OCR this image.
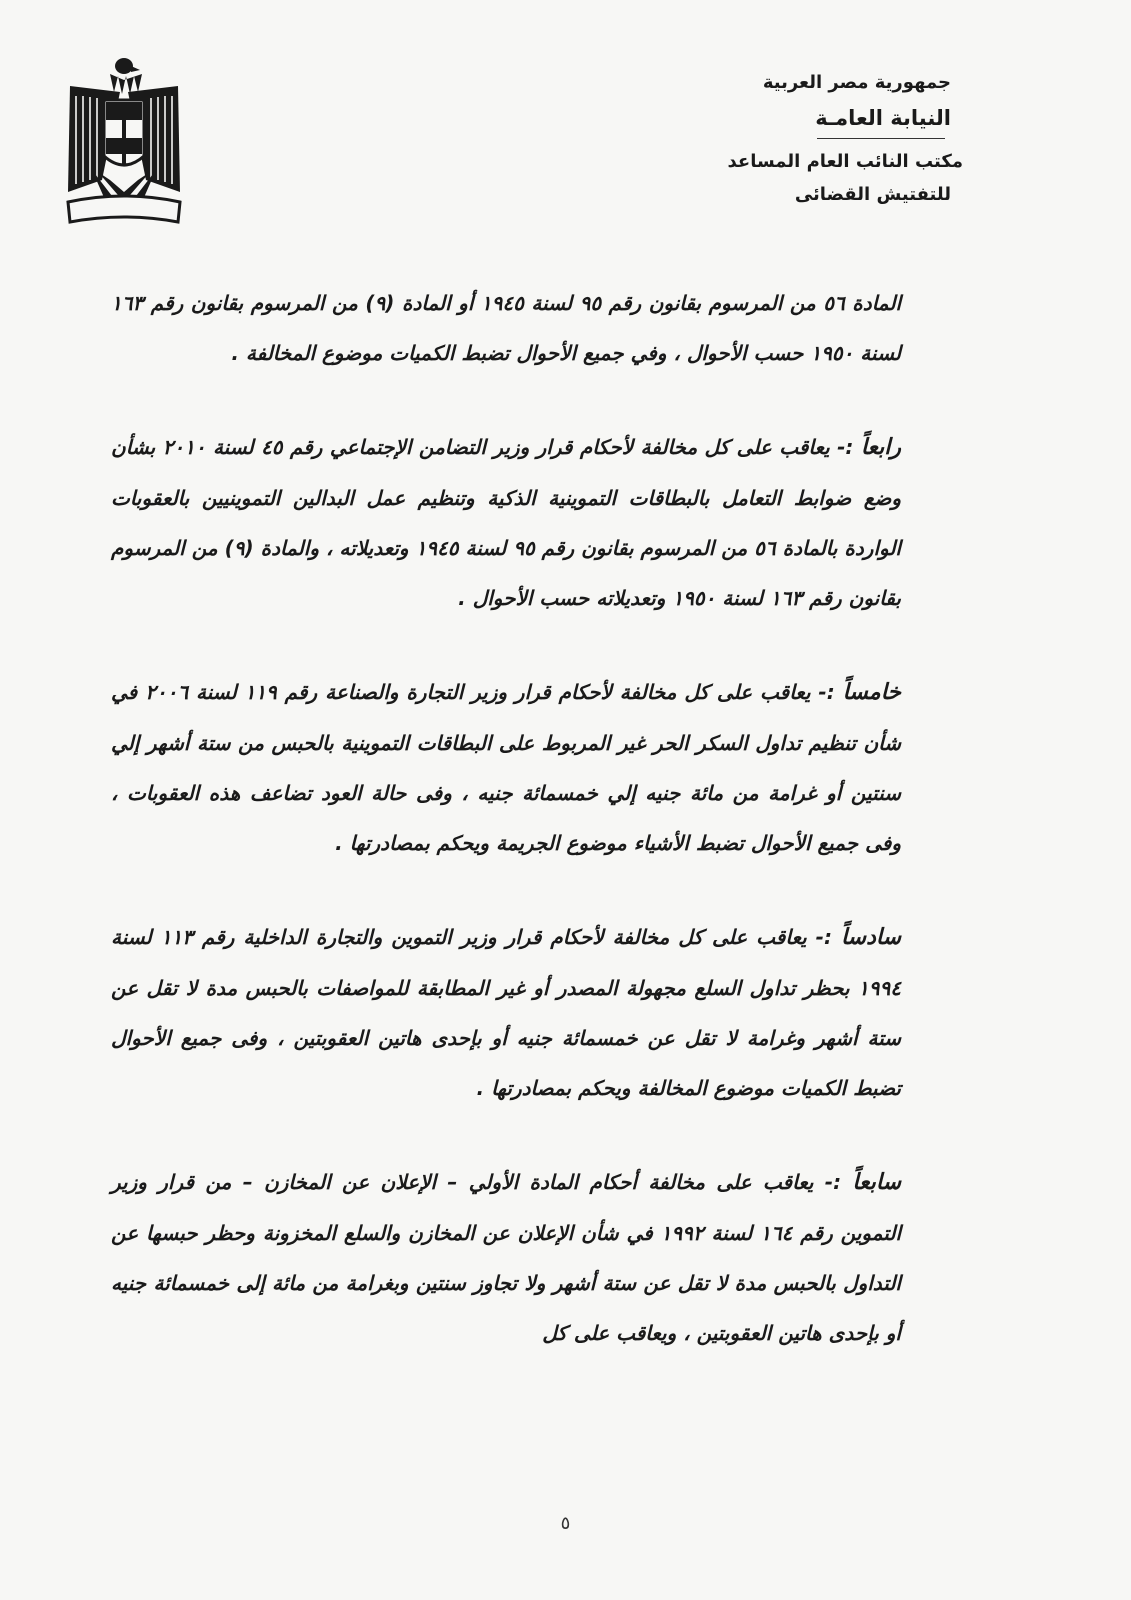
جمهورية مصر العربية
النيابة العامـة
مكتب النائب العام المساعد
للتفتيش القضائى

المادة ٥٦ من المرسوم بقانون رقم ٩٥ لسنة ١٩٤٥ أو المادة (٩) من المرسوم بقانون رقم ١٦٣ لسنة ١٩٥٠ حسب الأحوال ، وفي جميع الأحوال تضبط الكميات موضوع المخالفة .

رابعاً :- يعاقب على كل مخالفة لأحكام قرار وزير التضامن الإجتماعي رقم ٤٥ لسنة ٢٠١٠ بشأن وضع ضوابط التعامل بالبطاقات التموينية الذكية وتنظيم عمل البدالين التموينيين بالعقوبات الواردة بالمادة ٥٦ من المرسوم بقانون رقم ٩٥ لسنة ١٩٤٥ وتعديلاته ، والمادة (٩) من المرسوم بقانون رقم ١٦٣ لسنة ١٩٥٠ وتعديلاته حسب الأحوال .

خامساً :- يعاقب على كل مخالفة لأحكام قرار وزير التجارة والصناعة رقم ١١٩ لسنة ٢٠٠٦ في شأن تنظيم تداول السكر الحر غير المربوط على البطاقات التموينية بالحبس من ستة أشهر إلي سنتين أو غرامة من مائة جنيه إلي خمسمائة جنيه ، وفى حالة العود تضاعف هذه العقوبات ، وفى جميع الأحوال تضبط الأشياء موضوع الجريمة ويحكم بمصادرتها .

سادساً :- يعاقب على كل مخالفة لأحكام قرار وزير التموين والتجارة الداخلية رقم ١١٣ لسنة ١٩٩٤ بحظر تداول السلع مجهولة المصدر أو غير المطابقة للمواصفات بالحبس مدة لا تقل عن ستة أشهر وغرامة لا تقل عن خمسمائة جنيه أو بإحدى هاتين العقوبتين ، وفى جميع الأحوال تضبط الكميات موضوع المخالفة ويحكم بمصادرتها .

سابعاً :- يعاقب على مخالفة أحكام المادة الأولي – الإعلان عن المخازن – من قرار وزير التموين رقم ١٦٤ لسنة ١٩٩٢ في شأن الإعلان عن المخازن والسلع المخزونة وحظر حبسها عن التداول بالحبس مدة لا تقل عن ستة أشهر ولا تجاوز سنتين وبغرامة من مائة إلى خمسمائة جنيه أو بإحدى هاتين العقوبتين ، ويعاقب على كل

٥
